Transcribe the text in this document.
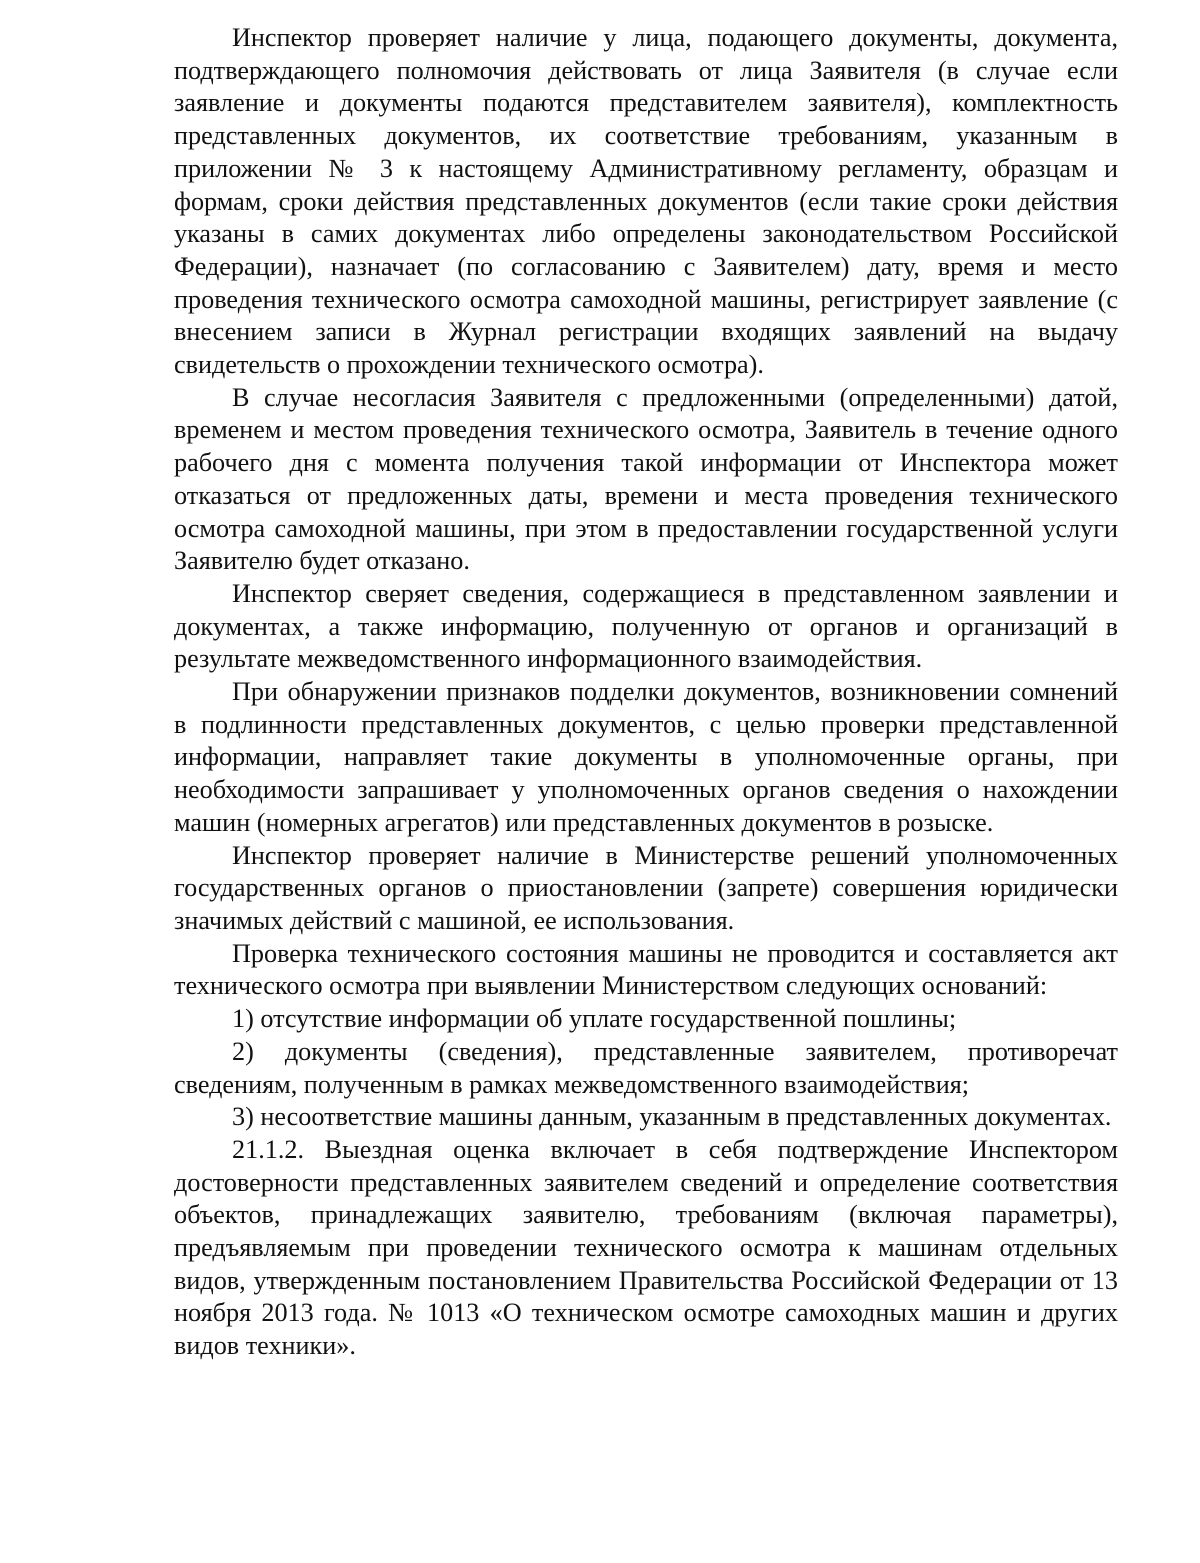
Инспектор проверяет наличие у лица, подающего документы, документа, подтверждающего полномочия действовать от лица Заявителя (в случае если заявление и документы подаются представителем заявителя), комплектность представленных документов, их соответствие требованиям, указанным в приложении № 3 к настоящему Административному регламенту, образцам и формам, сроки действия представленных документов (если такие сроки действия указаны в самих документах либо определены законодательством Российской Федерации), назначает (по согласованию с Заявителем) дату, время и место проведения технического осмотра самоходной машины, регистрирует заявление (с внесением записи в Журнал регистрации входящих заявлений на выдачу свидетельств о прохождении технического осмотра).

В случае несогласия Заявителя с предложенными (определенными) датой, временем и местом проведения технического осмотра, Заявитель в течение одного рабочего дня с момента получения такой информации от Инспектора может отказаться от предложенных даты, времени и места проведения технического осмотра самоходной машины, при этом в предоставлении государственной услуги Заявителю будет отказано.

Инспектор сверяет сведения, содержащиеся в представленном заявлении и документах, а также информацию, полученную от органов и организаций в результате межведомственного информационного взаимодействия.

При обнаружении признаков подделки документов, возникновении сомнений в подлинности представленных документов, с целью проверки представленной информации, направляет такие документы в уполномоченные органы, при необходимости запрашивает у уполномоченных органов сведения о нахождении машин (номерных агрегатов) или представленных документов в розыске.

Инспектор проверяет наличие в Министерстве решений уполномоченных государственных органов о приостановлении (запрете) совершения юридически значимых действий с машиной, ее использования.

Проверка технического состояния машины не проводится и составляется акт технического осмотра при выявлении Министерством следующих оснований:

1) отсутствие информации об уплате государственной пошлины;

2) документы (сведения), представленные заявителем, противоречат сведениям, полученным в рамках межведомственного взаимодействия;

3) несоответствие машины данным, указанным в представленных документах.

21.1.2. Выездная оценка включает в себя подтверждение Инспектором достоверности представленных заявителем сведений и определение соответствия объектов, принадлежащих заявителю, требованиям (включая параметры), предъявляемым при проведении технического осмотра к машинам отдельных видов, утвержденным постановлением Правительства Российской Федерации от 13 ноября 2013 года. № 1013 «О техническом осмотре самоходных машин и других видов техники».
